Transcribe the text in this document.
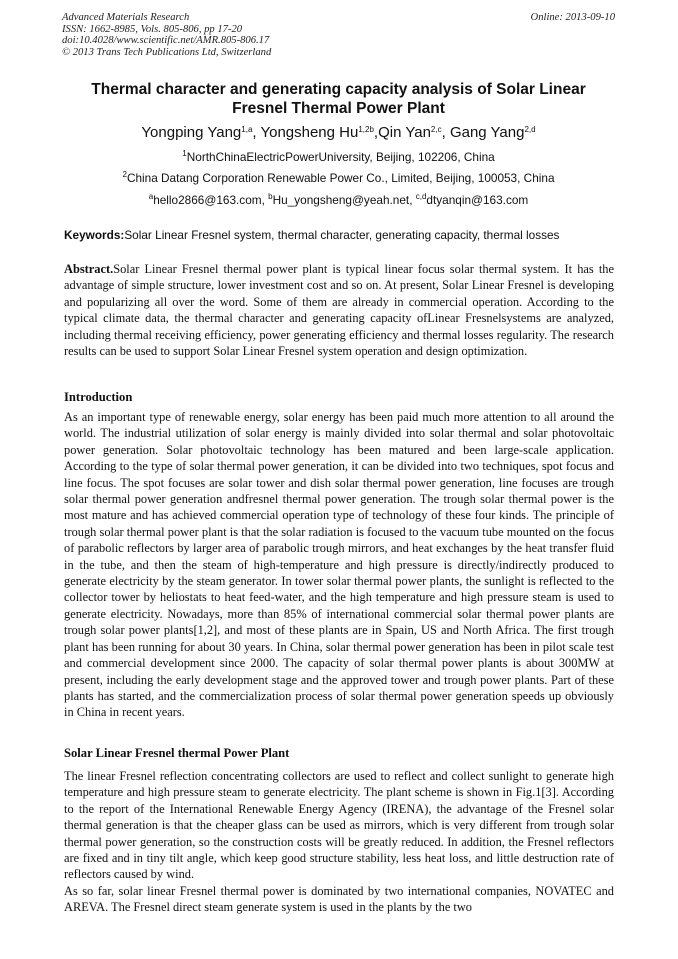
Advanced Materials Research
ISSN: 1662-8985, Vols. 805-806, pp 17-20
doi:10.4028/www.scientific.net/AMR.805-806.17
© 2013 Trans Tech Publications Ltd, Switzerland
Online: 2013-09-10
Thermal character and generating capacity analysis of Solar Linear Fresnel Thermal Power Plant
Yongping Yang$^{1,a}$, Yongsheng $Hu^{1,2b},Qin$ Yan$^{2,c}$, Gang Yang$^{2,d}$
$^1$NorthChinaElectricPowerUniversity, Beijing, 102206, China
$^2$China Datang Corporation Renewable Power Co., Limited, Beijing, 100053, China
$^a$hello2866@163.com, $^b$Hu_yongsheng@yeah.net, $^{c,d}$dtyanqin@163.com
Keywords:Solar Linear Fresnel system, thermal character, generating capacity, thermal losses

Abstract.Solar Linear Fresnel thermal power plant is typical linear focus solar thermal system. It has the advantage of simple structure, lower investment cost and so on. At present, Solar Linear Fresnel is developing and popularizing all over the word. Some of them are already in commercial operation. According to the typical climate data, the thermal character and generating capacity ofLinear Fresnelsystems are analyzed, including thermal receiving efficiency, power generating efficiency and thermal losses regularity. The research results can be used to support Solar Linear Fresnel system operation and design optimization.

Introduction

As an important type of renewable energy, solar energy has been paid much more attention to all around the world. The industrial utilization of solar energy is mainly divided into solar thermal and solar photovoltaic power generation. Solar photovoltaic technology has been matured and been large-scale application. According to the type of solar thermal power generation, it can be divided into two techniques, spot focus and line focus. The spot focuses are solar tower and dish solar thermal power generation, line focuses are trough solar thermal power generation andfresnel thermal power generation. The trough solar thermal power is the most mature and has achieved commercial operation type of technology of these four kinds. The principle of trough solar thermal power plant is that the solar radiation is focused to the vacuum tube mounted on the focus of parabolic reflectors by larger area of parabolic trough mirrors, and heat exchanges by the heat transfer fluid in the tube, and then the steam of high-temperature and high pressure is directly/indirectly produced to generate electricity by the steam generator. In tower solar thermal power plants, the sunlight is reflected to the collector tower by heliostats to heat feed-water, and the high temperature and high pressure steam is used to generate electricity. Nowadays, more than 85% of international commercial solar thermal power plants are trough solar power plants[1,2], and most of these plants are in Spain, US and North Africa. The first trough plant has been running for about 30 years. In China, solar thermal power generation has been in pilot scale test and commercial development since 2000. The capacity of solar thermal power plants is about 300MW at present, including the early development stage and the approved tower and trough power plants. Part of these plants has started, and the commercialization process of solar thermal power generation speeds up obviously in China in recent years.

Solar Linear Fresnel thermal Power Plant

The linear Fresnel reflection concentrating collectors are used to reflect and collect sunlight to generate high temperature and high pressure steam to generate electricity. The plant scheme is shown in Fig.1[3]. According to the report of the International Renewable Energy Agency (IRENA), the advantage of the Fresnel solar thermal generation is that the cheaper glass can be used as mirrors, which is very different from trough solar thermal power generation, so the construction costs will be greatly reduced. In addition, the Fresnel reflectors are fixed and in tiny tilt angle, which keep good structure stability, less heat loss, and little destruction rate of reflectors caused by wind.

As so far, solar linear Fresnel thermal power is dominated by two international companies, NOVATEC and AREVA. The Fresnel direct steam generate system is used in the plants by the two
